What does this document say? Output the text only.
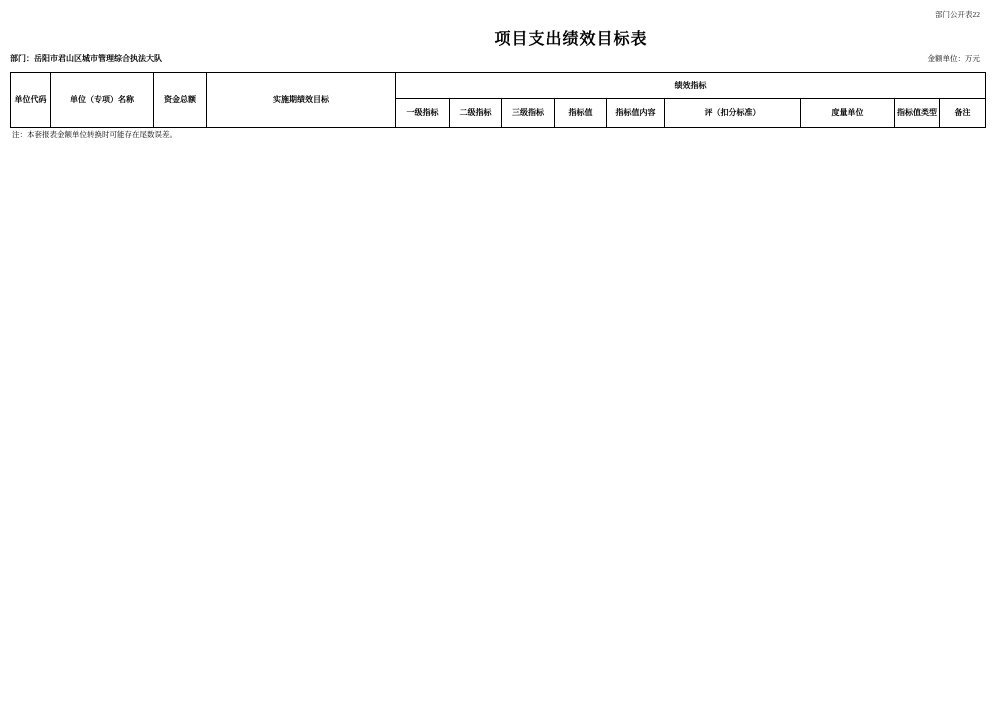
部门公开表22
项目支出绩效目标表
部门：岳阳市君山区城市管理综合执法大队	金额单位：万元
单位代码	单位（专项）名称	资金总额	实施期绩效目标	绩效指标								
				一级指标	二级指标	三级指标	指标值	指标值内容	评（扣分标准）	度量单位	指标值类型	备注
注：本套报表金额单位转换时可能存在尾数误差。
